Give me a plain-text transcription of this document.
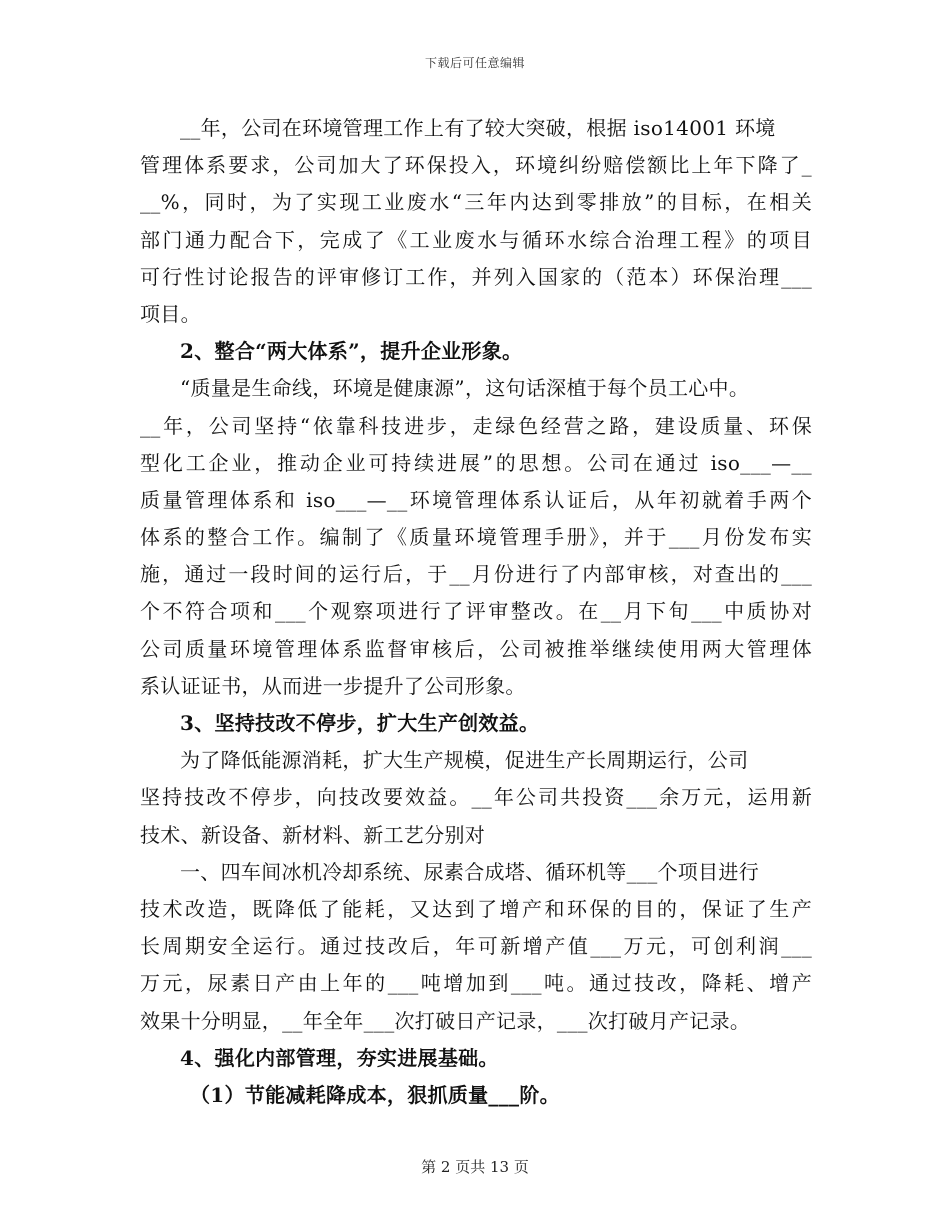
下载后可任意编辑
__年，公司在环境管理工作上有了较大突破，根据 iso14001 环境
管理体系要求，公司加大了环保投入，环境纠纷赔偿额比上年下降了_
__%，同时，为了实现工业废水“三年内达到零排放”的目标，在相关
部门通力配合下，完成了《工业废水与循环水综合治理工程》的项目
可行性讨论报告的评审修订工作，并列入国家的（范本）环保治理___
项目。
2、整合“两大体系”，提升企业形象。
“质量是生命线，环境是健康源”，这句话深植于每个员工心中。
__年，公司坚持“依靠科技进步，走绿色经营之路，建设质量、环保
型化工企业，推动企业可持续进展”的思想。公司在通过 iso___—__
质量管理体系和 iso___—__环境管理体系认证后，从年初就着手两个
体系的整合工作。编制了《质量环境管理手册》，并于___月份发布实
施，通过一段时间的运行后，于__月份进行了内部审核，对查出的___
个不符合项和___个观察项进行了评审整改。在__月下旬___中质协对
公司质量环境管理体系监督审核后，公司被推举继续使用两大管理体
系认证证书，从而进一步提升了公司形象。
3、坚持技改不停步，扩大生产创效益。
为了降低能源消耗，扩大生产规模，促进生产长周期运行，公司
坚持技改不停步，向技改要效益。__年公司共投资___余万元，运用新
技术、新设备、新材料、新工艺分别对
一、四车间冰机冷却系统、尿素合成塔、循环机等___个项目进行
技术改造，既降低了能耗，又达到了增产和环保的目的，保证了生产
长周期安全运行。通过技改后，年可新增产值___万元，可创利润___
万元，尿素日产由上年的___吨增加到___吨。通过技改，降耗、增产
效果十分明显，__年全年___次打破日产记录，___次打破月产记录。
4、强化内部管理，夯实进展基础。
（1）节能减耗降成本，狠抓质量___阶。
第 2 页共 13 页
